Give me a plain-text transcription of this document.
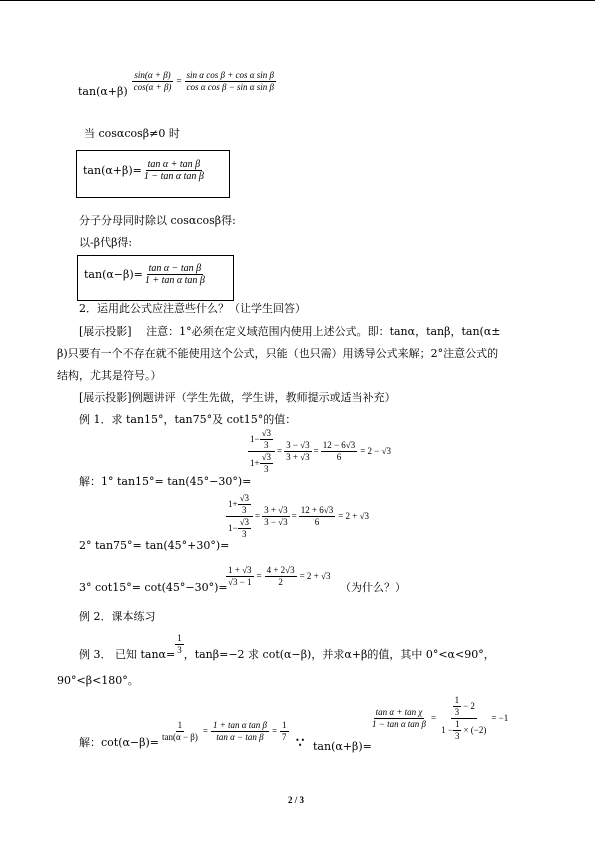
$\tan(\alpha+\beta) \frac{\sin(\alpha + \beta)}{\cos(\alpha + \beta)} = \frac{\text{sin α cos β + cos α sin β}}{\text{cos α cos β − sin α sin β}}$
当 cosαcosβ≠0 时
$\tan(\alpha+\beta)= \frac{\text{tan α + tan β}}{\text{1 − tan α tan β}}$
分子分母同时除以 cosαcosβ得:
以-β代β得:
$\tan(\alpha-\beta)= \frac{\text{tan α − tan β}}{\text{1 + tan α tan β}}$
2．运用此公式应注意些什么？（让学生回答）
[展示投影]　 注意：1°必须在定义域范围内使用上述公式。即：tanα，tanβ，tan(α±
β)只要有一个不存在就不能使用这个公式，只能（也只需）用诱导公式来解；2°注意公式的
结构，尤其是符号。）
[展示投影]例题讲评（学生先做，学生讲，教师提示或适当补充）
例 1．求 tan15°，tan75°及 cot15°的值：
解：1° tan15°= tan(45°−30°)=
$\frac{1- \frac{√3}{3}}{1+ \frac{√3}{3}} = \frac{3 - √3}{3 + √3} = \frac{12 - 6√3}{6} = 2 - √3$
2° tan75°= tan(45°+30°)=
$\frac{1+ \frac{√3}{3}}{1- \frac{√3}{3}} = \frac{3 + √3}{3 - √3} = \frac{12 + 6√3}{6} = 2 + √3$
3° cot15°= cot(45°−30°)=
$\frac{1 + √3}{√3 - 1} = \frac{4 + 2√3}{2} = 2 + √3$
（为什么？）
例 2．课本练习
例 3． 已知 $\tan\alpha= \frac{1}{3}$ ，tanβ=−2 求 cot(α−β)，并求α+β的值，其中 0°<α<90°，
90°<β<180°。
解：$\cot(\alpha-\beta)= \frac{1}{\tan(\alpha - \beta)} = \frac{\text{1 + tan α tan β}}{\text{tan α − tan β}} = \frac{1}{7}$ ∵ tan(α+β)=
$\frac{\text{tan α + tan χ}}{\text{1 − tan α tan β}} = \frac{\frac{1}{3} - 2}{1 - \frac{1}{3} \times (-2)} = -1$
2 / 3
